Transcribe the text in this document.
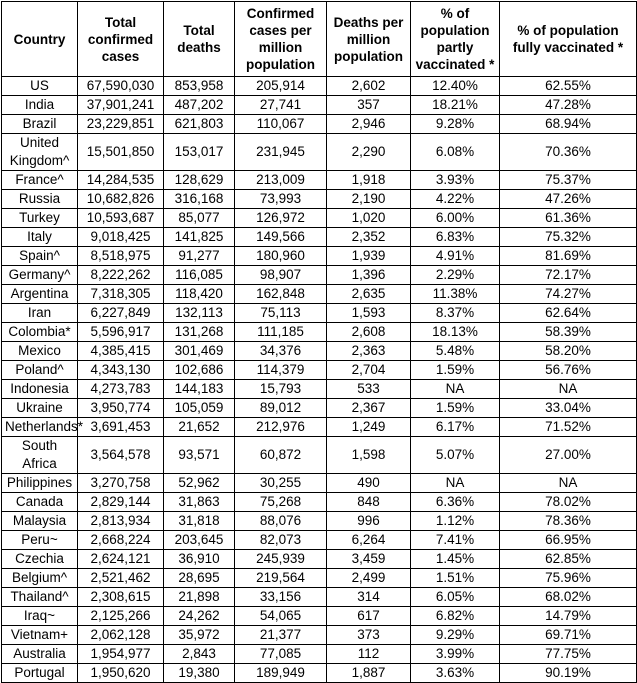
Country	Total confirmed cases	Total deaths	Confirmed cases per million population	Deaths per million population	% of population partly vaccinated *	% of population fully vaccinated *
US	67,590,030	853,958	205,914	2,602	12.40%	62.55%
India	37,901,241	487,202	27,741	357	18.21%	47.28%
Brazil	23,229,851	621,803	110,067	2,946	9.28%	68.94%
United Kingdom^	15,501,850	153,017	231,945	2,290	6.08%	70.36%
France^	14,284,535	128,629	213,009	1,918	3.93%	75.37%
Russia	10,682,826	316,168	73,993	2,190	4.22%	47.26%
Turkey	10,593,687	85,077	126,972	1,020	6.00%	61.36%
Italy	9,018,425	141,825	149,566	2,352	6.83%	75.32%
Spain^	8,518,975	91,277	180,960	1,939	4.91%	81.69%
Germany^	8,222,262	116,085	98,907	1,396	2.29%	72.17%
Argentina	7,318,305	118,420	162,848	2,635	11.38%	74.27%
Iran	6,227,849	132,113	75,113	1,593	8.37%	62.64%
Colombia*	5,596,917	131,268	111,185	2,608	18.13%	58.39%
Mexico	4,385,415	301,469	34,376	2,363	5.48%	58.20%
Poland^	4,343,130	102,686	114,379	2,704	1.59%	56.76%
Indonesia	4,273,783	144,183	15,793	533	NA	NA
Ukraine	3,950,774	105,059	89,012	2,367	1.59%	33.04%
Netherlands*	3,691,453	21,652	212,976	1,249	6.17%	71.52%
South Africa	3,564,578	93,571	60,872	1,598	5.07%	27.00%
Philippines	3,270,758	52,962	30,255	490	NA	NA
Canada	2,829,144	31,863	75,268	848	6.36%	78.02%
Malaysia	2,813,934	31,818	88,076	996	1.12%	78.36%
Peru~	2,668,224	203,645	82,073	6,264	7.41%	66.95%
Czechia	2,624,121	36,910	245,939	3,459	1.45%	62.85%
Belgium^	2,521,462	28,695	219,564	2,499	1.51%	75.96%
Thailand^	2,308,615	21,898	33,156	314	6.05%	68.02%
Iraq~	2,125,266	24,262	54,065	617	6.82%	14.79%
Vietnam+	2,062,128	35,972	21,377	373	9.29%	69.71%
Australia	1,954,977	2,843	77,085	112	3.99%	77.75%
Portugal	1,950,620	19,380	189,949	1,887	3.63%	90.19%
